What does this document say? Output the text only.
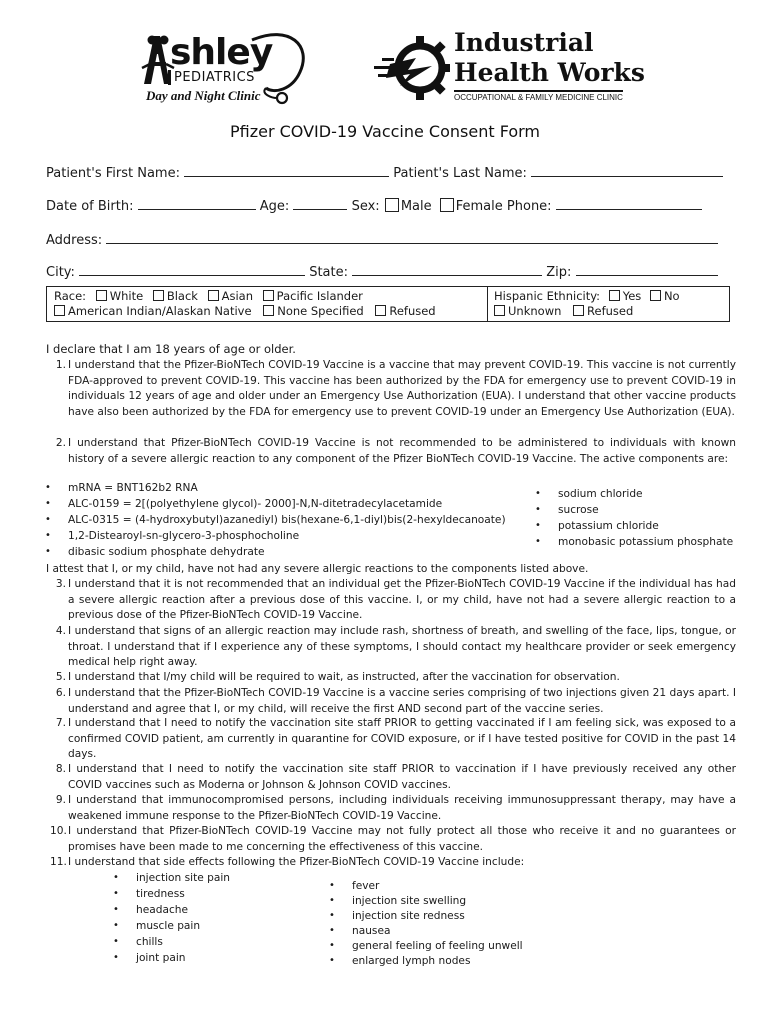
shley
PEDIATRICS
Day and Night Clinic
Industrial
Health Works
OCCUPATIONAL & FAMILY MEDICINE CLINIC
Pfizer COVID-19 Vaccine Consent Form
Patient's First Name:	Patient's Last Name:
Date of Birth:	Age:	Sex: Male Female Phone:
Address:
City:	State:	Zip:
Race: White Black Asian Pacific Islander
American Indian/Alaskan Native None Specified Refused
Hispanic Ethnicity: Yes No
Unknown Refused
I declare that I am 18 years of age or older.
1. I understand that the Pfizer-BioNTech COVID-19 Vaccine is a vaccine that may prevent COVID-19. This vaccine is not currently FDA-approved to prevent COVID-19. This vaccine has been authorized by the FDA for emergency use to prevent COVID-19 in individuals 12 years of age and older under an Emergency Use Authorization (EUA). I understand that other vaccine products have also been authorized by the FDA for emergency use to prevent COVID-19 under an Emergency Use Authorization (EUA).
2. I understand that Pfizer-BioNTech COVID-19 Vaccine is not recommended to be administered to individuals with known history of a severe allergic reaction to any component of the Pfizer BioNTech COVID-19 Vaccine. The active components are:
• mRNA = BNT162b2 RNA
• ALC-0159 = 2[(polyethylene glycol)- 2000]-N,N-ditetradecylacetamide
• ALC-0315 = (4-hydroxybutyl)azanediyl) bis(hexane-6,1-diyl)bis(2-hexyldecanoate)
• 1,2-Distearoyl-sn-glycero-3-phosphocholine
• dibasic sodium phosphate dehydrate
• sodium chloride
• sucrose
• potassium chloride
• monobasic potassium phosphate
I attest that I, or my child, have not had any severe allergic reactions to the components listed above.
3. I understand that it is not recommended that an individual get the Pfizer-BioNTech COVID-19 Vaccine if the individual has had a severe allergic reaction after a previous dose of this vaccine. I, or my child, have not had a severe allergic reaction to a previous dose of the Pfizer-BioNTech COVID-19 Vaccine.
4. I understand that signs of an allergic reaction may include rash, shortness of breath, and swelling of the face, lips, tongue, or throat. I understand that if I experience any of these symptoms, I should contact my healthcare provider or seek emergency medical help right away.
5. I understand that I/my child will be required to wait, as instructed, after the vaccination for observation.
6. I understand that the Pfizer-BioNTech COVID-19 Vaccine is a vaccine series comprising of two injections given 21 days apart. I understand and agree that I, or my child, will receive the first AND second part of the vaccine series.
7. I understand that I need to notify the vaccination site staff PRIOR to getting vaccinated if I am feeling sick, was exposed to a confirmed COVID patient, am currently in quarantine for COVID exposure, or if I have tested positive for COVID in the past 14 days.
8. I understand that I need to notify the vaccination site staff PRIOR to vaccination if I have previously received any other COVID vaccines such as Moderna or Johnson & Johnson COVID vaccines.
9. I understand that immunocompromised persons, including individuals receiving immunosuppressant therapy, may have a weakened immune response to the Pfizer-BioNTech COVID-19 Vaccine.
10. I understand that Pfizer-BioNTech COVID-19 Vaccine may not fully protect all those who receive it and no guarantees or promises have been made to me concerning the effectiveness of this vaccine.
11. I understand that side effects following the Pfizer-BioNTech COVID-19 Vaccine include:
• injection site pain
• tiredness
• headache
• muscle pain
• chills
• joint pain
• fever
• injection site swelling
• injection site redness
• nausea
• general feeling of feeling unwell
• enlarged lymph nodes
